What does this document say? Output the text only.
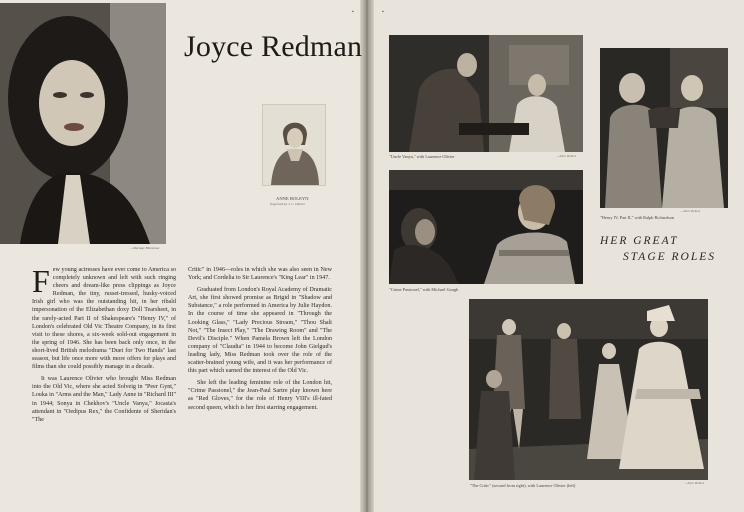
—Mariage Blumenau
Joyce Redman
ANNE BOLEYN
Engraved by J. C. Dalton

Few young actresses have ever come to America so completely unknown and left with such ringing cheers and dream-like press clippings as Joyce Redman, the tiny, russet-tressed, husky-voiced Irish girl who was the outstanding hit, in her ribald impersonation of the Elizabethan doxy Doll Tearsheet, in the rarely-acted Part II of Shakespeare's "Henry IV," of London's celebrated Old Vic Theatre Company, in its first visit to these shores, a six-week sold-out engagement in the spring of 1946. She has been back only once, in the short-lived British melodrama "Duet for Two Hands" last season, but life once more with more offers for plays and films than she could possibly manage in a decade.

It was Laurence Olivier who brought Miss Redman into the Old Vic, where she acted Solveig in "Peer Gynt," Louka in "Arms and the Man," Lady Anne in "Richard III" in 1944; Sonya in Chekhov's "Uncle Vanya," Jocasta's attendant in "Oedipus Rex," the Confidente of Sheridan's "The

Critic" in 1946—roles in which she was also seen in New York; and Cordelia to Sir Laurence's "King Lear" in 1947.

Graduated from London's Royal Academy of Dramatic Art, she first showed promise as Brigid in "Shadow and Substance," a role performed in America by Julie Haydon. In the course of time she appeared in "Through the Looking Glass," "Lady Precious Stream," "Thou Shalt Not," "The Insect Play," "The Drawing Room" and "The Devil's Disciple." When Pamela Brown left the London company of "Claudia" in 1944 to become John Gielgud's leading lady, Miss Redman took over the role of the scatter-brained young wife, and it was her performance of this part which earned the interest of the Old Vic.

She left the leading feminine role of the London hit, "Crime Passionel," the Jean-Paul Sartre play known here as "Red Gloves," for the role of Henry VIII's ill-fated second queen, which is her first starring engagement.

▪	▪
"Uncle Vanya," with Laurence Olivier	—John Vickers
—John Vickers
"Henry IV, Part II," with Ralph Richardson
HER GREAT
STAGE ROLES
"Crime Passionel," with Michael Gough
"The Critic" (second from right), with Laurence Olivier (left)	—John Vickers
